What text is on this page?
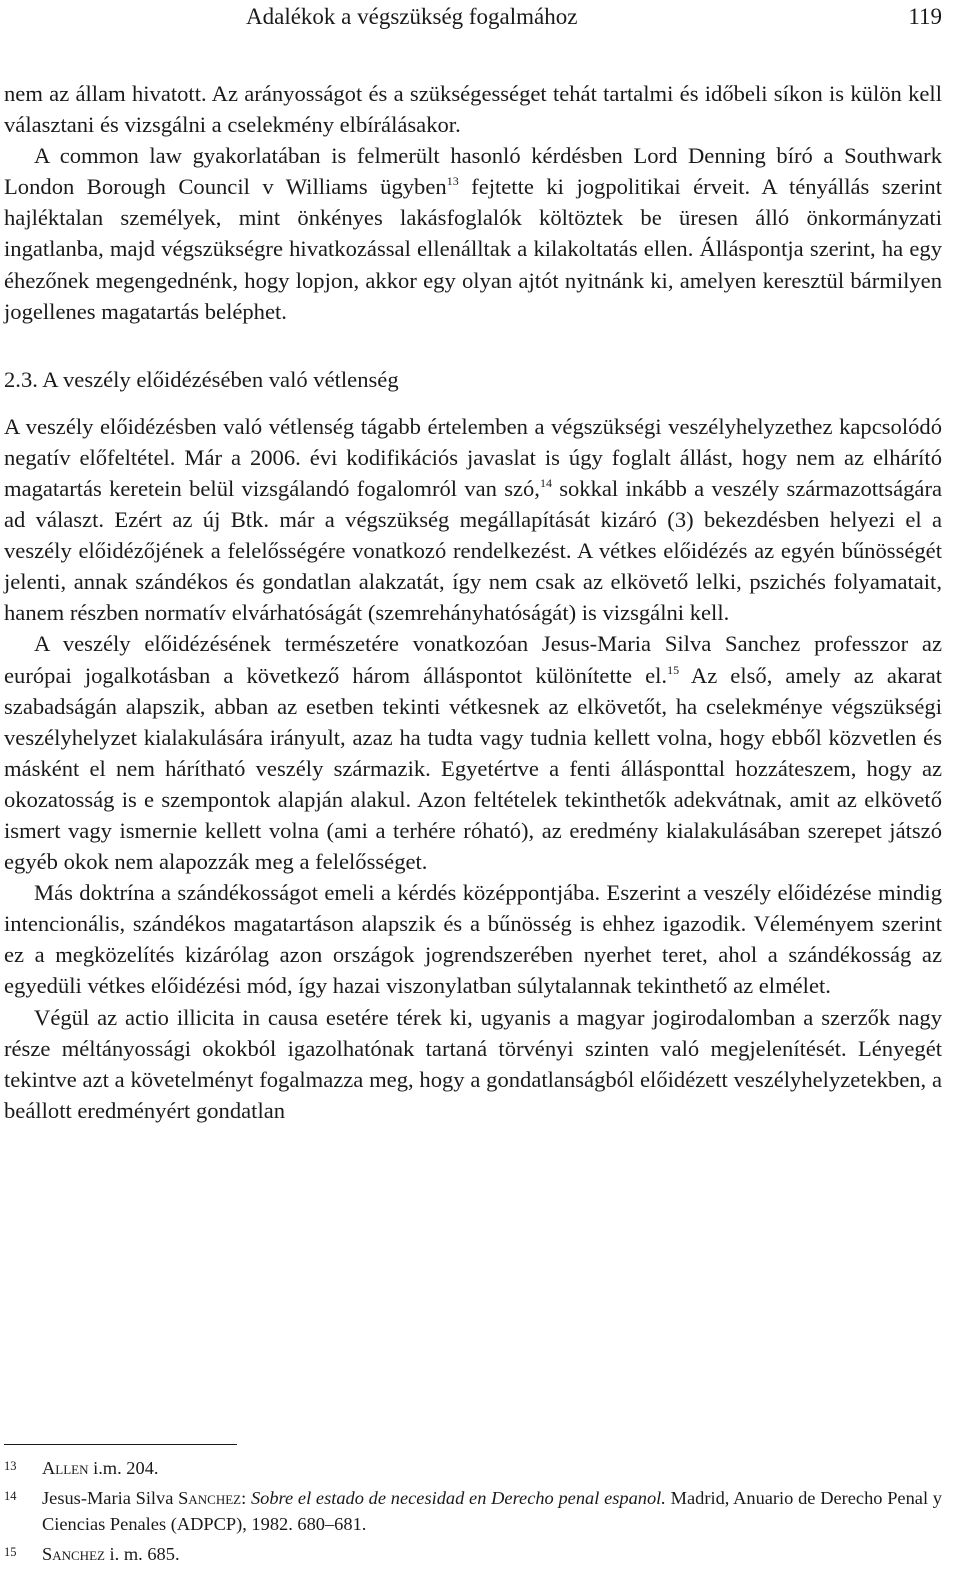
Adalékok a végszükség fogalmához	119

nem az állam hivatott. Az arányosságot és a szükségességet tehát tartalmi és időbeli síkon is külön kell választani és vizsgálni a cselekmény elbírálásakor.

A common law gyakorlatában is felmerült hasonló kérdésben Lord Denning bíró a Southwark London Borough Council v Williams ügyben$^{13}$ fejtette ki jogpolitikai érveit. A tényállás szerint hajléktalan személyek, mint önkényes lakásfoglalók költöztek be üresen álló önkormányzati ingatlanba, majd végszükségre hivatkozással ellenálltak a kilakoltatás ellen. Álláspontja szerint, ha egy éhezőnek megengednénk, hogy lopjon, akkor egy olyan ajtót nyitnánk ki, amelyen keresztül bármilyen jogellenes magatartás beléphet.

2.3. A veszély előidézésében való vétlenség

A veszély előidézésben való vétlenség tágabb értelemben a végszükségi veszélyhelyzethez kapcsolódó negatív előfeltétel. Már a 2006. évi kodifikációs javaslat is úgy foglalt állást, hogy nem az elhárító magatartás keretein belül vizsgálandó fogalomról van szó,$^{14}$ sokkal inkább a veszély származottságára ad választ. Ezért az új Btk. már a végszükség megállapítását kizáró (3) bekezdésben helyezi el a veszély előidézőjének a felelősségére vonatkozó rendelkezést. A vétkes előidézés az egyén bűnösségét jelenti, annak szándékos és gondatlan alakzatát, így nem csak az elkövető lelki, pszichés folyamatait, hanem részben normatív elvárhatóságát (szemrehányhatóságát) is vizsgálni kell.

A veszély előidézésének természetére vonatkozóan Jesus-Maria Silva Sanchez professzor az európai jogalkotásban a következő három álláspontot különítette el.$^{15}$ Az első, amely az akarat szabadságán alapszik, abban az esetben tekinti vétkesnek az elkövetőt, ha cselekménye végszükségi veszélyhelyzet kialakulására irányult, azaz ha tudta vagy tudnia kellett volna, hogy ebből közvetlen és másként el nem hárítható veszély származik. Egyetértve a fenti állásponttal hozzáteszem, hogy az okozatosság is e szempontok alapján alakul. Azon feltételek tekinthetők adekvátnak, amit az elkövető ismert vagy ismernie kellett volna (ami a terhére róható), az eredmény kialakulásában szerepet játszó egyéb okok nem alapozzák meg a felelősséget.

Más doktrína a szándékosságot emeli a kérdés középpontjába. Eszerint a veszély előidézése mindig intencionális, szándékos magatartáson alapszik és a bűnösség is ehhez igazodik. Véleményem szerint ez a megközelítés kizárólag azon országok jogrendszerében nyerhet teret, ahol a szándékosság az egyedüli vétkes előidézési mód, így hazai viszonylatban súlytalannak tekinthető az elmélet.

Végül az actio illicita in causa esetére térek ki, ugyanis a magyar jogirodalomban a szerzők nagy része méltányossági okokból igazolhatónak tartaná törvényi szinten való megjelenítését. Lényegét tekintve azt a követelményt fogalmazza meg, hogy a gondatlanságból előidézett veszélyhelyzetekben, a beállott eredményért gondatlan

13 Allen i.m. 204.
14 Jesus-Maria Silva Sanchez: Sobre el estado de necesidad en Derecho penal espanol. Madrid, Anuario de Derecho Penal y Ciencias Penales (ADPCP), 1982. 680–681.
15 Sanchez i. m. 685.
